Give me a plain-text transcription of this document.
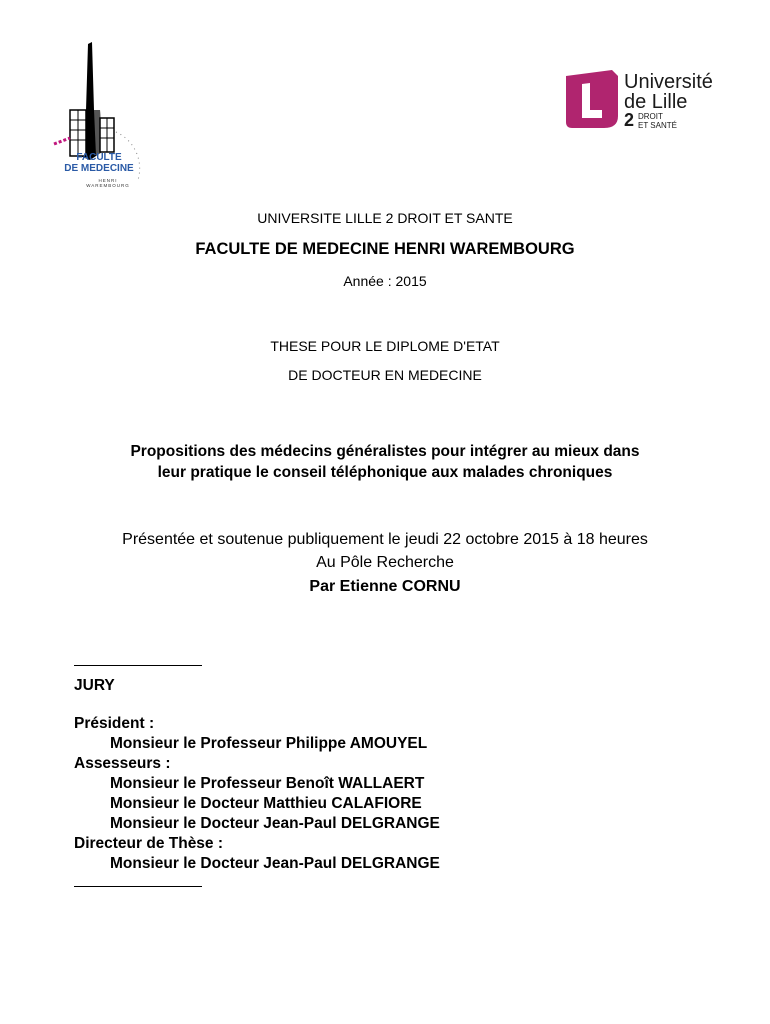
FACULTE
DE MEDECINE
HENRI WAREMBOURG
Université
de Lille
2 DROIT
ET SANTÉ
UNIVERSITE LILLE 2 DROIT ET SANTE
FACULTE DE MEDECINE HENRI WAREMBOURG
Année : 2015
THESE POUR LE DIPLOME D'ETAT
DE DOCTEUR EN MEDECINE
Propositions des médecins généralistes pour intégrer au mieux dans
leur pratique le conseil téléphonique aux malades chroniques
Présentée et soutenue publiquement le jeudi 22 octobre 2015 à 18 heures
Au Pôle Recherche
Par Etienne CORNU
JURY
Président :
Monsieur le Professeur Philippe AMOUYEL
Assesseurs :
Monsieur le Professeur Benoît WALLAERT
Monsieur le Docteur Matthieu CALAFIORE
Monsieur le Docteur Jean-Paul DELGRANGE
Directeur de Thèse :
Monsieur le Docteur Jean-Paul DELGRANGE
